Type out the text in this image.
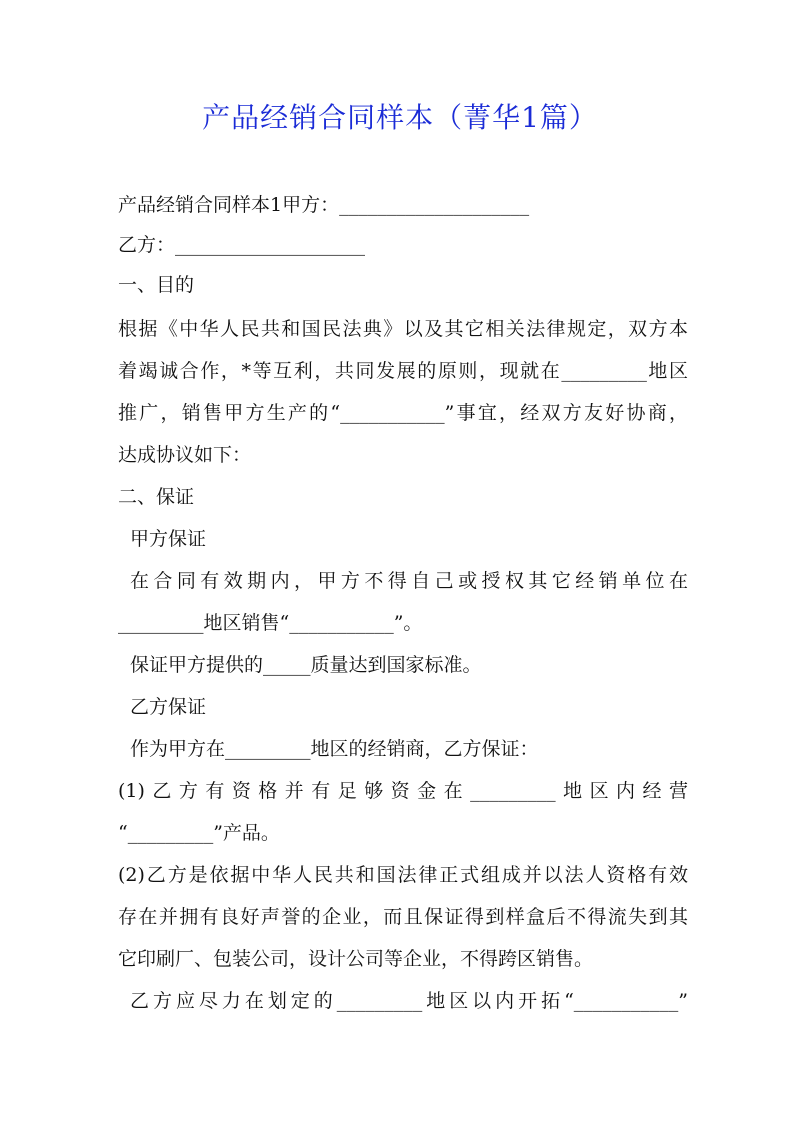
产品经销合同样本（菁华1篇）
产品经销合同样本1甲方：____________________
乙方：____________________
一、目的
根据《中华人民共和国民法典》以及其它相关法律规定，双方本
着竭诚合作，*等互利，共同发展的原则，现就在_________地区
推广，销售甲方生产的“___________”事宜，经双方友好协商，
达成协议如下：
二、保证
甲方保证
在合同有效期内，甲方不得自己或授权其它经销单位在
_________地区销售“___________”。
保证甲方提供的_____质量达到国家标准。
乙方保证
作为甲方在_________地区的经销商，乙方保证：
(1)乙方有资格并有足够资金在_________地区内经营
“_________”产品。
(2)乙方是依据中华人民共和国法律正式组成并以法人资格有效
存在并拥有良好声誉的企业，而且保证得到样盒后不得流失到其
它印刷厂、包装公司，设计公司等企业，不得跨区销售。
乙方应尽力在划定的_________地区以内开拓“___________”
